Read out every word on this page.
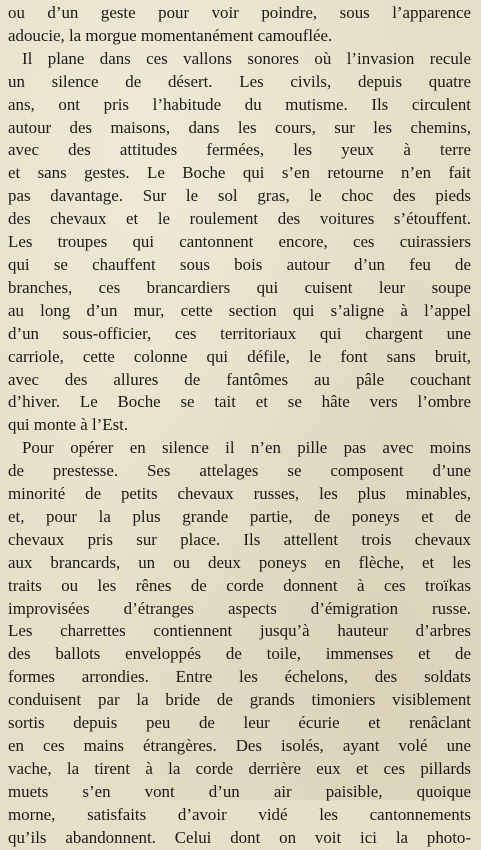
ou d’un geste pour voir poindre, sous l’apparence
adoucie, la morgue momentanément camouflée.
Il plane dans ces vallons sonores où l’invasion recule
un silence de désert. Les civils, depuis quatre
ans, ont pris l’habitude du mutisme. Ils circulent
autour des maisons, dans les cours, sur les chemins,
avec des attitudes fermées, les yeux à terre
et sans gestes. Le Boche qui s’en retourne n’en fait
pas davantage. Sur le sol gras, le choc des pieds
des chevaux et le roulement des voitures s’étouffent.
Les troupes qui cantonnent encore, ces cuirassiers
qui se chauffent sous bois autour d’un feu de
branches, ces brancardiers qui cuisent leur soupe
au long d’un mur, cette section qui s’aligne à l’appel
d’un sous-officier, ces territoriaux qui chargent une
carriole, cette colonne qui défile, le font sans bruit,
avec des allures de fantômes au pâle couchant
d’hiver. Le Boche se tait et se hâte vers l’ombre
qui monte à l’Est.
Pour opérer en silence il n’en pille pas avec moins
de prestesse. Ses attelages se composent d’une
minorité de petits chevaux russes, les plus minables,
et, pour la plus grande partie, de poneys et de
chevaux pris sur place. Ils attellent trois chevaux
aux brancards, un ou deux poneys en flèche, et les
traits ou les rênes de corde donnent à ces troïkas
improvisées d’étranges aspects d’émigration russe.
Les charrettes contiennent jusqu’à hauteur d’arbres
des ballots enveloppés de toile, immenses et de
formes arrondies. Entre les échelons, des soldats
conduisent par la bride de grands timoniers visiblement
sortis depuis peu de leur écurie et renâclant
en ces mains étrangères. Des isolés, ayant volé une
vache, la tirent à la corde derrière eux et ces pillards
muets s’en vont d’un air paisible, quoique
morne, satisfaits d’avoir vidé les cantonnements
qu’ils abandonnent. Celui dont on voit ici la photo-
